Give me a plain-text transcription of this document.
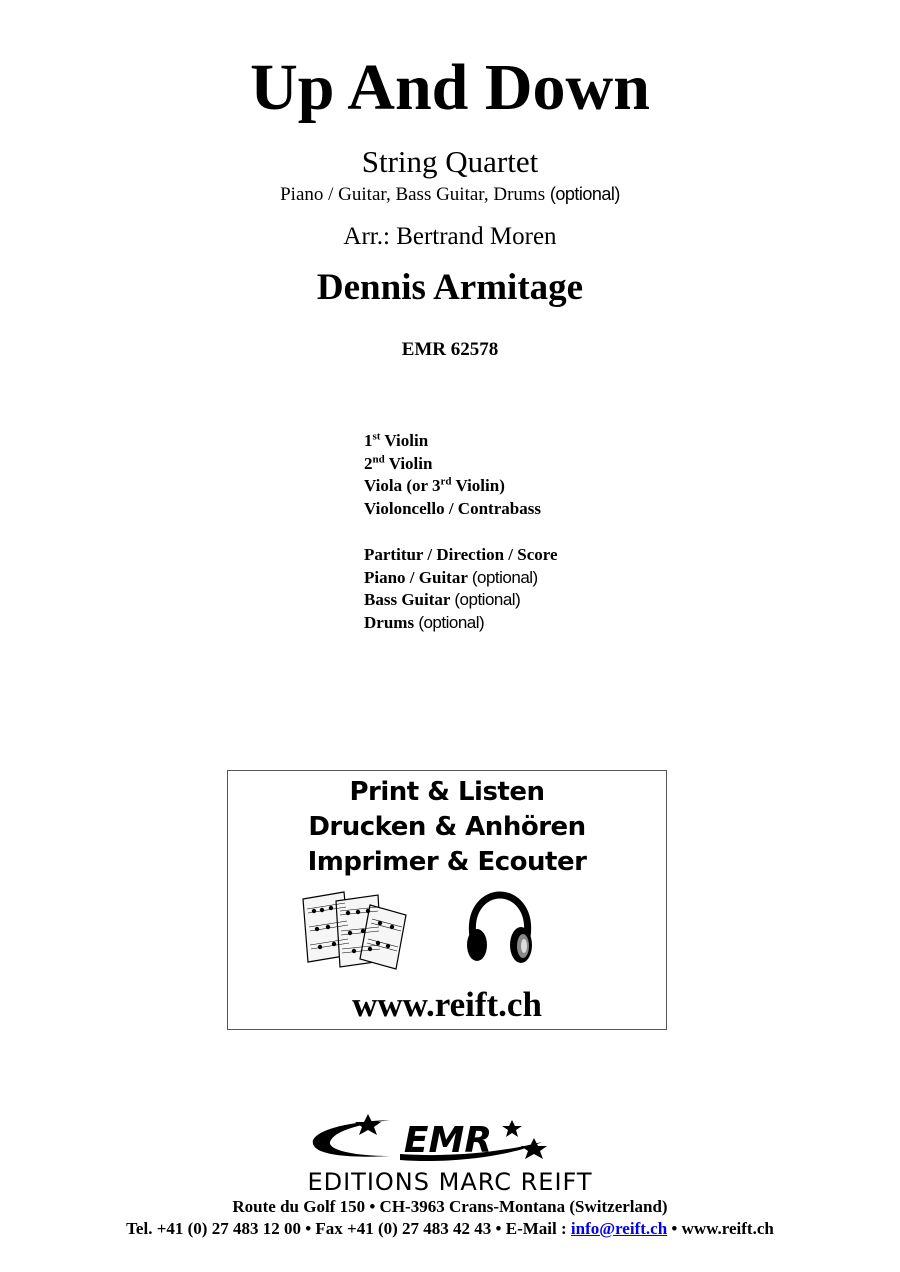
Up And Down
String Quartet
Piano / Guitar, Bass Guitar, Drums (optional)
Arr.: Bertrand Moren
Dennis Armitage
EMR 62578
1st Violin
2nd Violin
Viola (or 3rd Violin)
Violoncello / Contrabass
Partitur / Direction / Score
Piano / Guitar (optional)
Bass Guitar (optional)
Drums (optional)
Print & Listen
Drucken & Anhören
Imprimer & Ecouter
www.reift.ch
EMR
EDITIONS MARC REIFT
Route du Golf 150 • CH-3963 Crans-Montana (Switzerland)
Tel. +41 (0) 27 483 12 00 • Fax +41 (0) 27 483 42 43 • E-Mail : info@reift.ch • www.reift.ch
